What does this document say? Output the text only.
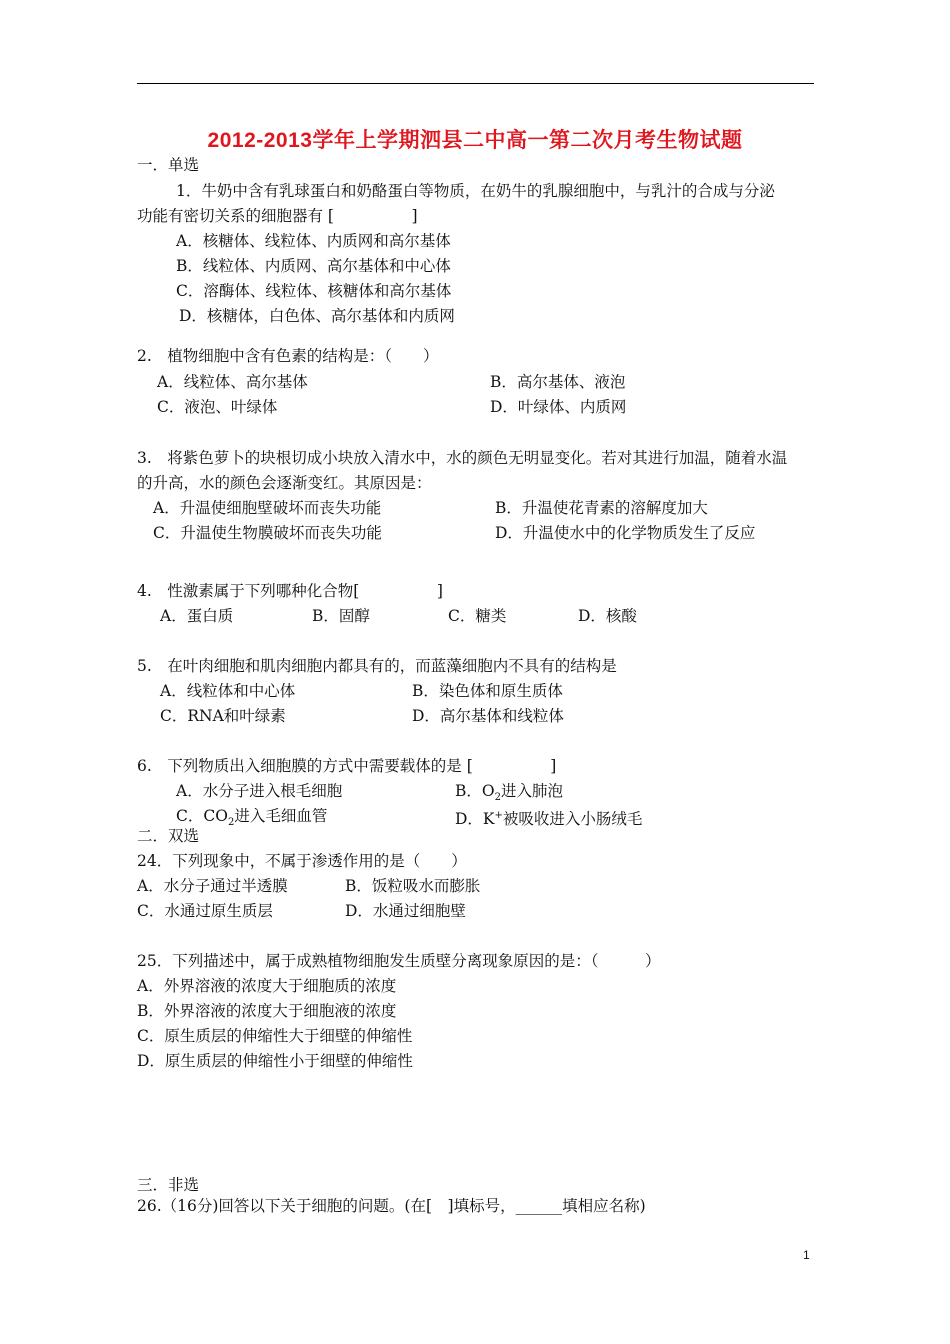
2012-2013学年上学期泗县二中高一第二次月考生物试题
一．单选
1．牛奶中含有乳球蛋白和奶酪蛋白等物质，在奶牛的乳腺细胞中，与乳汁的合成与分泌
功能有密切关系的细胞器有 [　　　　　]
A．核糖体、线粒体、内质网和高尔基体
B．线粒体、内质网、高尔基体和中心体
C．溶酶体、线粒体、核糖体和高尔基体
D．核糖体，白色体、高尔基体和内质网
2.　植物细胞中含有色素的结构是：（　　）
A．线粒体、高尔基体	B．高尔基体、液泡
C．液泡、叶绿体	D．叶绿体、内质网
3.　将紫色萝卜的块根切成小块放入清水中，水的颜色无明显变化。若对其进行加温，随着水温
的升高，水的颜色会逐渐变红。其原因是：
A．升温使细胞壁破坏而丧失功能	B．升温使花青素的溶解度加大
C．升温使生物膜破坏而丧失功能	D．升温使水中的化学物质发生了反应
4.　性激素属于下列哪种化合物[　　　　　]
A．蛋白质	B．固醇	C．糖类	D．核酸
5.　在叶肉细胞和肌肉细胞内都具有的，而蓝藻细胞内不具有的结构是
A．线粒体和中心体	B．染色体和原生质体
C．RNA和叶绿素	D．高尔基体和线粒体
6.　下列物质出入细胞膜的方式中需要载体的是 [　　　　　]
A．水分子进入根毛细胞	B．$O_2$进入肺泡
C．$CO_2$进入毛细血管	D．K+被吸收进入小肠绒毛
二．双选
24．下列现象中，不属于渗透作用的是（　　）
A．水分子通过半透膜	B．饭粒吸水而膨胀
C．水通过原生质层	D．水通过细胞壁
25．下列描述中，属于成熟植物细胞发生质壁分离现象原因的是：（　　　）
A．外界溶液的浓度大于细胞质的浓度
B．外界溶液的浓度大于细胞液的浓度
C．原生质层的伸缩性大于细壁的伸缩性
D．原生质层的伸缩性小于细壁的伸缩性
三．非选
26.（16分)回答以下关于细胞的问题。(在[　]填标号，______填相应名称)
1
